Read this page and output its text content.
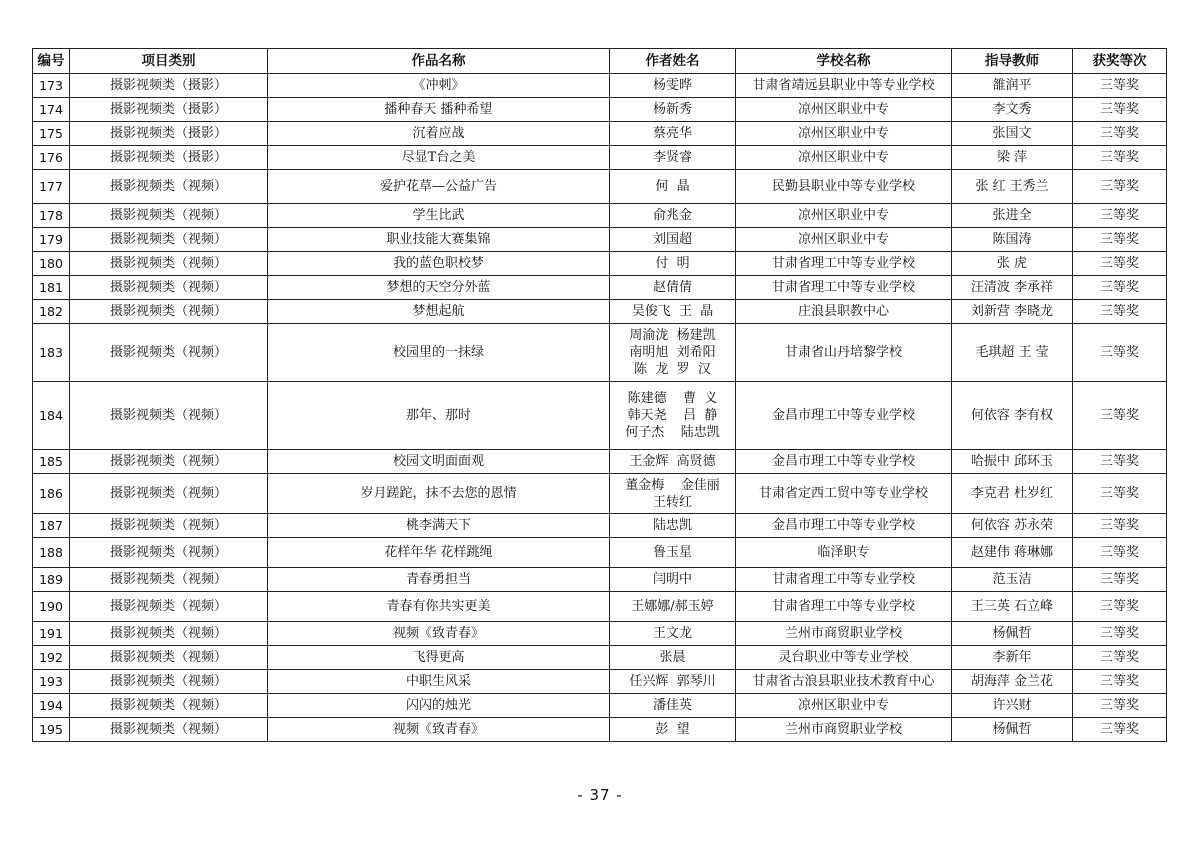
编号	项目类别	作品名称	作者姓名	学校名称	指导教师	获奖等次
173	摄影视频类（摄影）	《冲刺》	杨雯晔	甘肃省靖远县职业中等专业学校	雒润平	三等奖
174	摄影视频类（摄影）	播种春天 播种希望	杨新秀	凉州区职业中专	李文秀	三等奖
175	摄影视频类（摄影）	沉着应战	蔡亮华	凉州区职业中专	张国文	三等奖
176	摄影视频类（摄影）	尽显T台之美	李贤睿	凉州区职业中专	梁 萍	三等奖
177	摄影视频类（视频）	爱护花草—公益广告	何  晶	民勤县职业中等专业学校	张 红 王秀兰	三等奖
178	摄影视频类（视频）	学生比武	俞兆金	凉州区职业中专	张进全	三等奖
179	摄影视频类（视频）	职业技能大赛集锦	刘国超	凉州区职业中专	陈国涛	三等奖
180	摄影视频类（视频）	我的蓝色职校梦	付  明	甘肃省理工中等专业学校	张 虎	三等奖
181	摄影视频类（视频）	梦想的天空分外蓝	赵倩倩	甘肃省理工中等专业学校	汪清波 李承祥	三等奖
182	摄影视频类（视频）	梦想起航	吴俊飞  王  晶	庄浪县职教中心	刘新营 李晓龙	三等奖
183	摄影视频类（视频）	校园里的一抹绿	周渝泷  杨建凯
南明旭  刘希阳
陈  龙  罗  汉	甘肃省山丹培黎学校	毛琪超 王 莹	三等奖
184	摄影视频类（视频）	那年、那时	陈建德    曹  义
韩天尧    吕  静
何子杰    陆忠凯	金昌市理工中等专业学校	何依容 李有权	三等奖
185	摄影视频类（视频）	校园文明面面观	王金辉  高贤德	金昌市理工中等专业学校	哈振中 邱环玉	三等奖
186	摄影视频类（视频）	岁月蹉跎，抹不去您的恩情	董金梅    金佳丽
王转红	甘肃省定西工贸中等专业学校	李克君 杜岁红	三等奖
187	摄影视频类（视频）	桃李满天下	陆忠凯	金昌市理工中等专业学校	何依容 苏永荣	三等奖
188	摄影视频类（视频）	花样年华 花样跳绳	鲁玉星	临泽职专	赵建伟 蒋琳娜	三等奖
189	摄影视频类（视频）	青春勇担当	闫明中	甘肃省理工中等专业学校	范玉洁	三等奖
190	摄影视频类（视频）	青春有你共实更美	王娜娜/郝玉婷	甘肃省理工中等专业学校	王三英 石立峰	三等奖
191	摄影视频类（视频）	视频《致青春》	王文龙	兰州市商贸职业学校	杨佩哲	三等奖
192	摄影视频类（视频）	飞得更高	张晨	灵台职业中等专业学校	李新年	三等奖
193	摄影视频类（视频）	中职生风采	任兴辉  郭琴川	甘肃省古浪县职业技术教育中心	胡海萍 金兰花	三等奖
194	摄影视频类（视频）	闪闪的烛光	潘佳英	凉州区职业中专	许兴财	三等奖
195	摄影视频类（视频）	视频《致青春》	彭  望	兰州市商贸职业学校	杨佩哲	三等奖
- 37 -
